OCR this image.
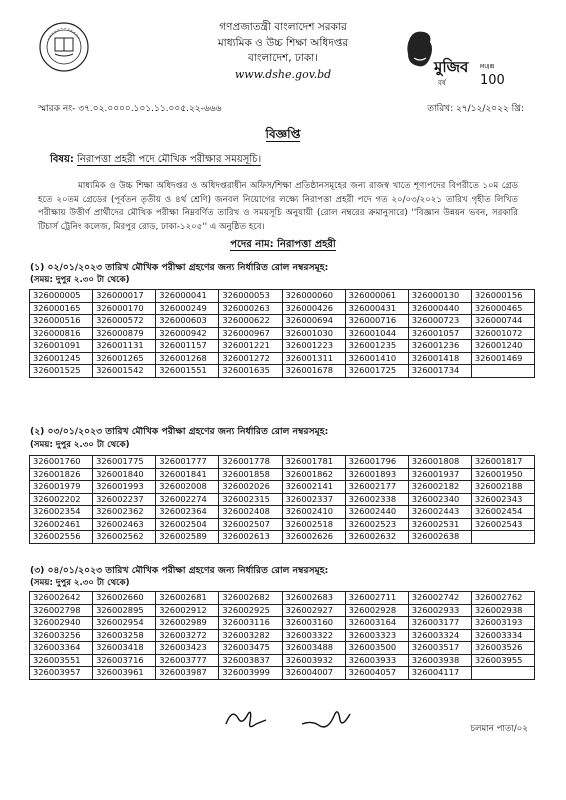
গণপ্রজাতন্ত্রী বাংলাদেশ সরকার
মাধ্যমিক ও উচ্চ শিক্ষা অধিদপ্তর
বাংলাদেশ, ঢাকা।
www.dshe.gov.bd	মুজিব
বর্ষ
MUJIB
100
স্মারক নং- ৩৭.০২.০০০০.১০১.১১.০০৫.২২-৬৬৬	তারিখ: ২৭/১২/২০২২ খ্রি:
বিজ্ঞপ্তি
বিষয়: নিরাপত্তা প্রহরী পদে মৌখিক পরীক্ষার সময়সূচি।
মাধ্যমিক ও উচ্চ শিক্ষা অধিদপ্তর ও অধিদপ্তরাধীন অফিস/শিক্ষা প্রতিষ্ঠানসমূহের জন্য রাজস্ব খাতে শূণ্যপদের বিপরীতে ১০ম গ্রেড হতে ২০তম গ্রেডের (পূর্বতন তৃতীয় ও ৪র্থ শ্রেণি) জনবল নিয়োগের লক্ষ্যে নিরাপত্তা প্রহরী পদে গত ২০/০৩/২০২১ তারিখ গৃহীত লিখিত পরীক্ষায় উত্তীর্ণ প্রার্থীদের মৌখিক পরীক্ষা নিম্নবর্ণিত তারিখ ও সময়সূচি অনুযায়ী (রোল নম্বরের ক্রমানুসারে) ''বিজ্ঞান উন্নয়ন ভবন, সরকারি টিচার্স ট্রেনিং কলেজ, মিরপুর রোড, ঢাকা-১২০৫'' এ অনুষ্ঠিত হবে।
পদের নাম: নিরাপত্তা প্রহরী
(১) ০২/০১/২০২৩ তারিখ মৌখিক পরীক্ষা গ্রহণের জন্য নির্ধারিত রোল নম্বরসমূহ:
(সময়: দুপুর ২.৩০ টা থেকে)
326000005	326000017	326000041	326000053	326000060	326000061	326000130	326000156
326000165	326000170	326000249	326000263	326000426	326000431	326000440	326000465
326000516	326000572	326000603	326000622	326000694	326000716	326000723	326000744
326000816	326000879	326000942	326000967	326001030	326001044	326001057	326001072
326001091	326001131	326001157	326001221	326001223	326001235	326001236	326001240
326001245	326001265	326001268	326001272	326001311	326001410	326001418	326001469
326001525	326001542	326001551	326001635	326001678	326001725	326001734	
(২) ০৩/০১/২০২৩ তারিখ মৌখিক পরীক্ষা গ্রহণের জন্য নির্ধারিত রোল নম্বরসমূহ:
(সময়: দুপুর ২.৩০ টা থেকে)
326001760	326001775	326001777	326001778	326001781	326001796	326001808	326001817
326001826	326001840	326001841	326001858	326001862	326001893	326001937	326001950
326001979	326001993	326002008	326002026	326002141	326002177	326002182	326002188
326002202	326002237	326002274	326002315	326002337	326002338	326002340	326002343
326002354	326002362	326002364	326002408	326002410	326002440	326002443	326002454
326002461	326002463	326002504	326002507	326002518	326002523	326002531	326002543
326002556	326002562	326002589	326002613	326002626	326002632	326002638	
(৩) ০৪/০১/২০২৩ তারিখ মৌখিক পরীক্ষা গ্রহণের জন্য নির্ধারিত রোল নম্বরসমূহ:
(সময়: দুপুর ২.৩০ টা থেকে)
326002642	326002660	326002681	326002682	326002683	326002711	326002742	326002762
326002798	326002895	326002912	326002925	326002927	326002928	326002933	326002938
326002940	326002954	326002989	326003116	326003160	326003164	326003177	326003193
326003256	326003258	326003272	326003282	326003322	326003323	326003324	326003334
326003364	326003418	326003423	326003475	326003488	326003500	326003517	326003526
326003551	326003716	326003777	326003837	326003932	326003933	326003938	326003955
326003957	326003961	326003987	326003999	326004007	326004057	326004117	
চলমান পাতা/০২
